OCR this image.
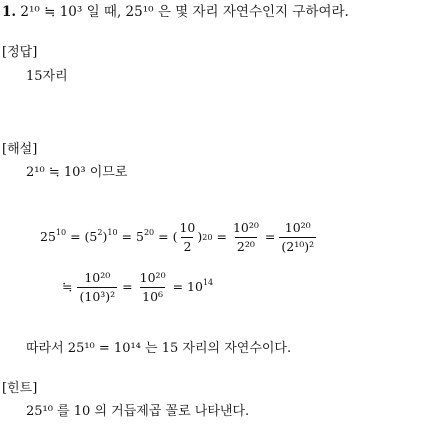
1. 2¹⁰ ≒ 10³ 일 때, 25¹⁰ 은 몇 자리 자연수인지 구하여라.
[정답]
15자리
[해설]
2¹⁰ ≒ 10³ 이므로
$25^{10} = (5^2)^{10} = 5^{20}$ = ( $\frac{10}{2}$ ) $20 = \frac{\text{10²⁰}}{\text{2²⁰}} = \frac{\text{10²⁰}}{\text{(2¹⁰)²}}$
≒ $\frac{\text{10²⁰}}{\text{(10³)²}} = \frac{\text{10²⁰}}{\text{10⁶}} = 10^{14}$
따라서 25¹⁰ = 10¹⁴ 는 15 자리의 자연수이다.
[힌트]
25¹⁰ 를 10 의 거듭제곱 꼴로 나타낸다.
